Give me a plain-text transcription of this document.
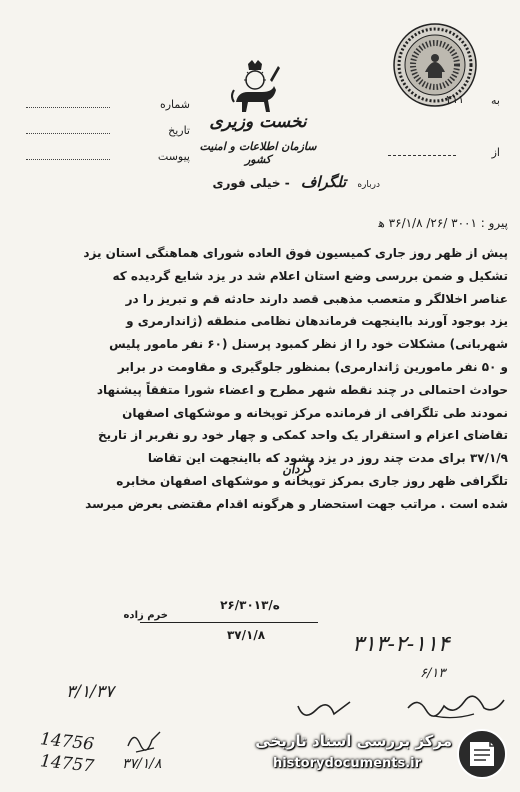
به
۲۱۱
نخست وزیری
سازمان اطلاعات و امنیت کشور
شماره
تاریخ
پیوست	از
درباره تلگراف - خیلی فوری
پیرو : ۳۰۰۱ /۲۶/ ۳۶/۱/۸ ه‍

پیش از ظهر روز جاری کمیسیون فوق العاده شورای هماهنگی استان یزد

تشکیل و ضمن بررسی وضع استان اعلام شد در یزد شایع گردیده که

عناصر اخلالگر و متعصب مذهبی قصد دارند حادثه قم و تبریز را در

یزد بوجود آورند بااینجهت فرماندهان نظامی منطقه (ژاندارمری و

شهربانی) مشکلات خود را از نظر کمبود پرسنل (۶۰ نفر مامور پلیس

و ۵۰ نفر مامورین ژاندارمری) بمنظور جلوگیری و مقاومت در برابر

حوادث احتمالی در چند نقطه شهر مطرح و اعضاء شورا متفقاً پیشنهاد

نمودند طی تلگرافی از فرمانده مرکز توپخانه و موشکهای اصفهان

تقاضای اعزام و استقرار یک واحد کمکی و چهار خود رو نفربر از تاریخ

۳۷/۱/۹ برای مدت چند روز در یزد بشود که بااینجهت این تقاضا

تلگرافی ظهر روز جاری بمرکز توپخانه و موشکهای اصفهان مخابره

شده است . مراتب جهت استحضار و هرگونه اقدام مقتضی بعرض میرسد

گردان
ه/۲۶/۳۰۱۳
خرم زاده
۳۷/۱/۸	۳۱۳-۲-۱۱۴
۶/۱۳
۳/۱/۳۷
14756
14757 ۳۷/۱/۸
مرکز بررسی اسناد تاریخی
historydocuments.ir
